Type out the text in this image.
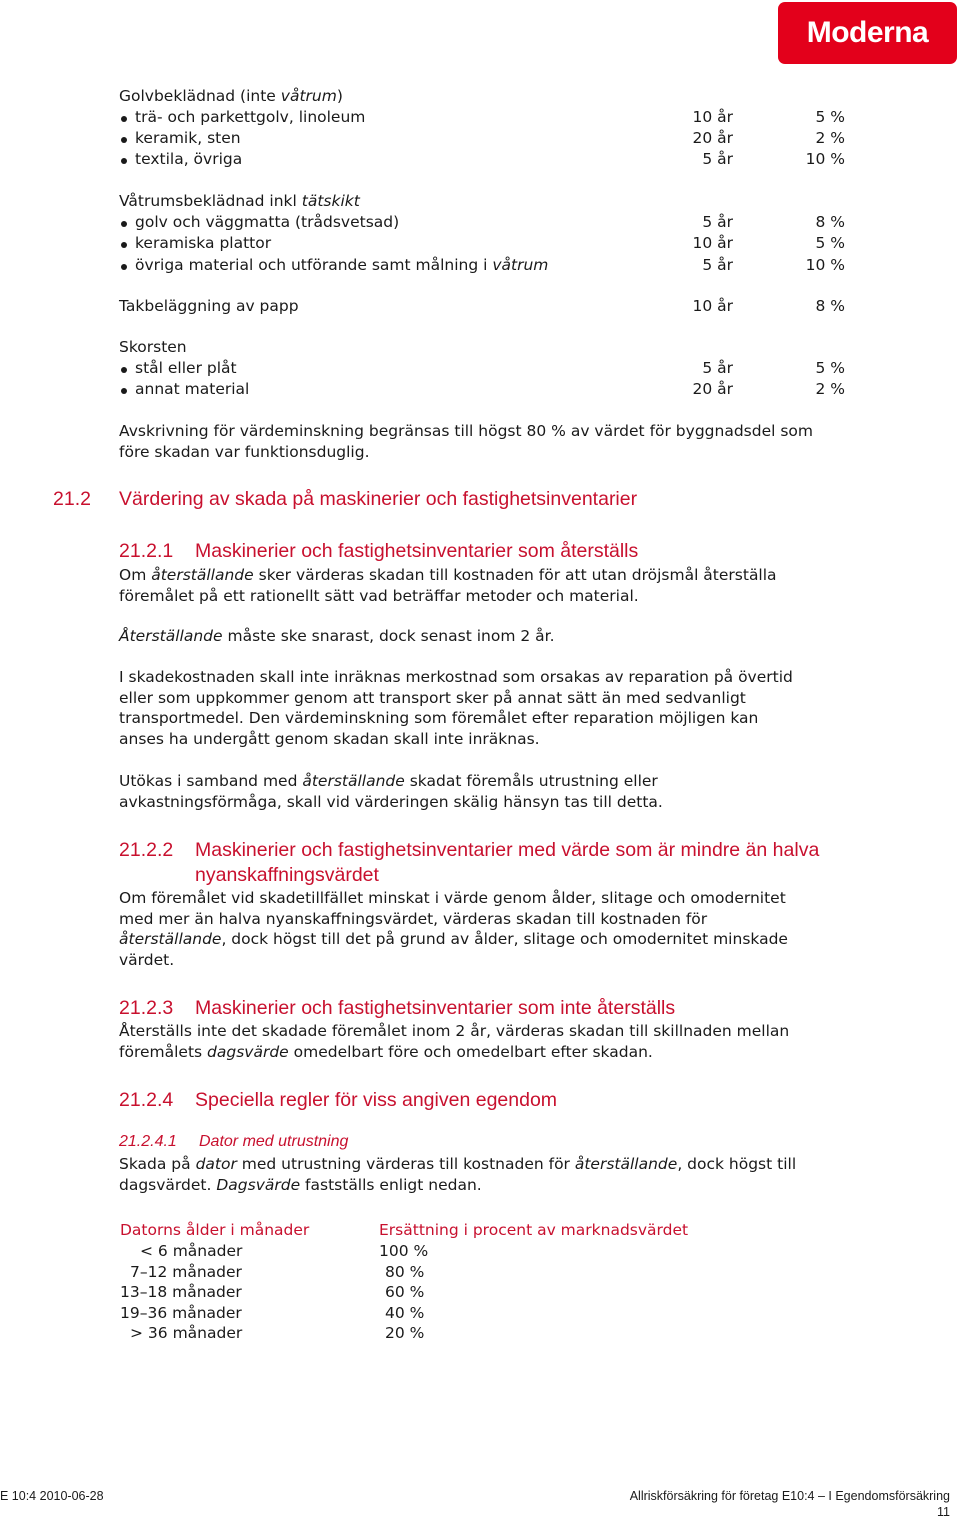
Moderna
Golvbeklädnad (inte våtrum)
trä- och parkettgolv, linoleum	10 år	5 %
keramik, sten	20 år	2 %
textila, övriga	5 år	10 %
Våtrumsbeklädnad inkl tätskikt
golv och väggmatta (trådsvetsad)	5 år	8 %
keramiska plattor	10 år	5 %
övriga material och utförande samt målning i våtrum	5 år	10 %
Takbeläggning av papp	10 år	8 %
Skorsten
stål eller plåt	5 år	5 %
annat material	20 år	2 %

Avskrivning för värdeminskning begränsas till högst 80 % av värdet för byggnadsdel som

före skadan var funktionsduglig.

21.2 Värdering av skada på maskinerier och fastighetsinventarier
21.2.1 Maskinerier och fastighetsinventarier som återställs

Om återställande sker värderas skadan till kostnaden för att utan dröjsmål återställa

föremålet på ett rationellt sätt vad beträffar metoder och material.

Återställande måste ske snarast, dock senast inom 2 år.

I skadekostnaden skall inte inräknas merkostnad som orsakas av reparation på övertid

eller som uppkommer genom att transport sker på annat sätt än med sedvanligt

transportmedel. Den värdeminskning som föremålet efter reparation möjligen kan

anses ha undergått genom skadan skall inte inräknas.

Utökas i samband med återställande skadat föremåls utrustning eller

avkastningsförmåga, skall vid värderingen skälig hänsyn tas till detta.

21.2.2 Maskinerier och fastighetsinventarier med värde som är mindre än halva
nyanskaffningsvärdet

Om föremålet vid skadetillfället minskat i värde genom ålder, slitage och omodernitet

med mer än halva nyanskaffningsvärdet, värderas skadan till kostnaden för

återställande, dock högst till det på grund av ålder, slitage och omodernitet minskade

värdet.

21.2.3 Maskinerier och fastighetsinventarier som inte återställs

Återställs inte det skadade föremålet inom 2 år, värderas skadan till skillnaden mellan

föremålets dagsvärde omedelbart före och omedelbart efter skadan.

21.2.4 Speciella regler för viss angiven egendom
21.2.4.1 Dator med utrustning

Skada på dator med utrustning värderas till kostnaden för återställande, dock högst till

dagsvärdet. Dagsvärde fastställs enligt nedan.

Datorns ålder i månader	Ersättning i procent av marknadsvärdet
< 6 månader	100 %
7–12 månader	80 %
13–18 månader	60 %
19–36 månader	40 %
> 36 månader	20 %
E 10:4 2010-06-28	Allriskförsäkring för företag E10:4 – I Egendomsförsäkring
11
